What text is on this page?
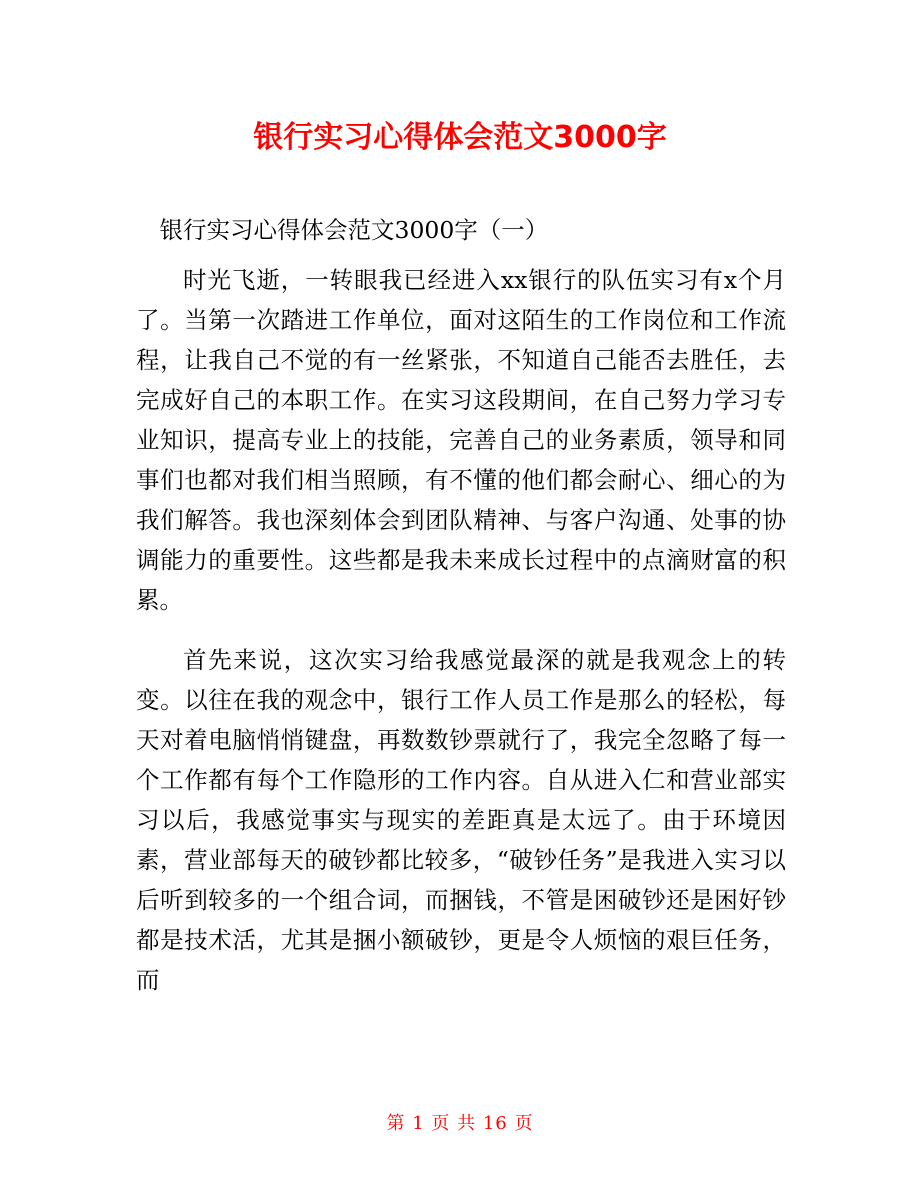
银行实习心得体会范文3000字

银行实习心得体会范文3000字（一）

时光飞逝，一转眼我已经进入xx银行的队伍实习有x个月了。当第一次踏进工作单位，面对这陌生的工作岗位和工作流程，让我自己不觉的有一丝紧张，不知道自己能否去胜任，去完成好自己的本职工作。在实习这段期间，在自己努力学习专业知识，提高专业上的技能，完善自己的业务素质，领导和同事们也都对我们相当照顾，有不懂的他们都会耐心、细心的为我们解答。我也深刻体会到团队精神、与客户沟通、处事的协调能力的重要性。这些都是我未来成长过程中的点滴财富的积累。

首先来说，这次实习给我感觉最深的就是我观念上的转变。以往在我的观念中，银行工作人员工作是那么的轻松，每天对着电脑悄悄键盘，再数数钞票就行了，我完全忽略了每一个工作都有每个工作隐形的工作内容。自从进入仁和营业部实习以后，我感觉事实与现实的差距真是太远了。由于环境因素，营业部每天的破钞都比较多，“破钞任务”是我进入实习以后听到较多的一个组合词，而捆钱，不管是困破钞还是困好钞都是技术活，尤其是捆小额破钞，更是令人烦恼的艰巨任务，而

第 1 页 共 16 页
